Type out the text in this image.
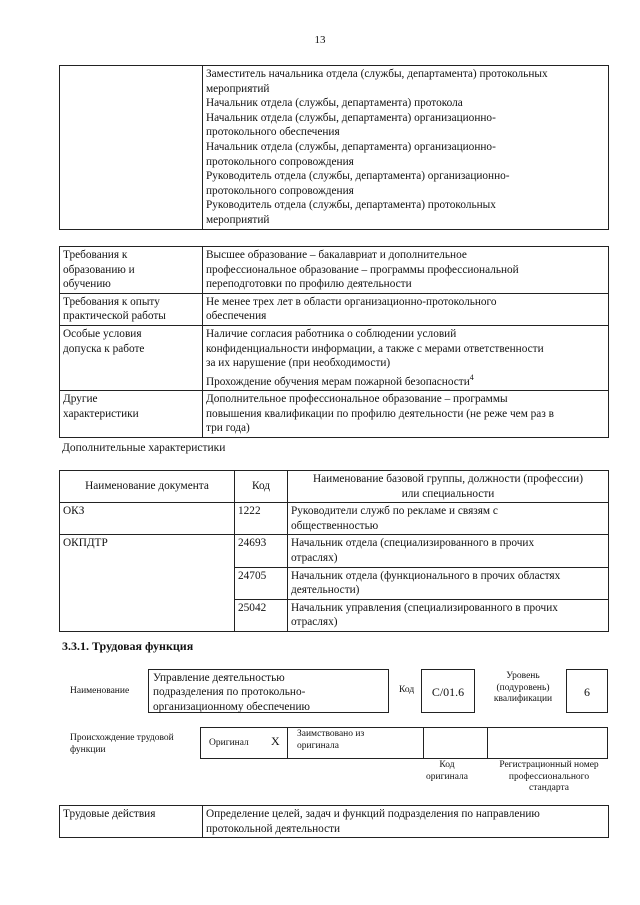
13

Заместитель начальника отдела (службы, департамента) протокольных
мероприятий
Начальник отдела (службы, департамента) протокола
Начальник отдела (службы, департамента) организационно-
протокольного обеспечения
Начальник отдела (службы, департамента) организационно-
протокольного сопровождения
Руководитель отдела (службы, департамента) организационно-
протокольного сопровождения
Руководитель отдела (службы, департамента) протокольных
мероприятий
Требования к
образованию и
обучению	Высшее образование – бакалавриат и дополнительное
профессиональное образование – программы профессиональной
переподготовки по профилю деятельности

Требования к опыту
практической работы	Не менее трех лет в области организационно-протокольного
обеспечения

Особые условия
допуска к работе	Наличие согласия работника о соблюдении условий
конфиденциальности информации, а также с мерами ответственности
за их нарушение (при необходимости)
Прохождение обучения мерам пожарной безопасности$^4$

Другие
характеристики	Дополнительное профессиональное образование – программы
повышения квалификации по профилю деятельности (не реже чем раз в
три года)
Дополнительные характеристики
Наименование документа	Код	Наименование базовой группы, должности (профессии)
или специальности

ОКЗ	1222	Руководители служб по рекламе и связям с
общественностью

ОКПДТР	24693	Начальник отдела (специализированного в прочих
отраслях)

	24705	Начальник отдела (функционального в прочих областях
деятельности)

	25042	Начальник управления (специализированного в прочих
отраслях)
3.3.1. Трудовая функция
Наименование
Управление деятельностью
подразделения по протокольно-
организационному обеспечению
Код	C/01.6
Уровень
(подуровень)
квалификации	6
Происхождение трудовой
функции
Оригинал X Заимствовано из
оригинала
Код
оригинала
Регистрационный номер
профессионального
стандарта
Трудовые действия	Определение целей, задач и функций подразделения по направлению
протокольной деятельности
